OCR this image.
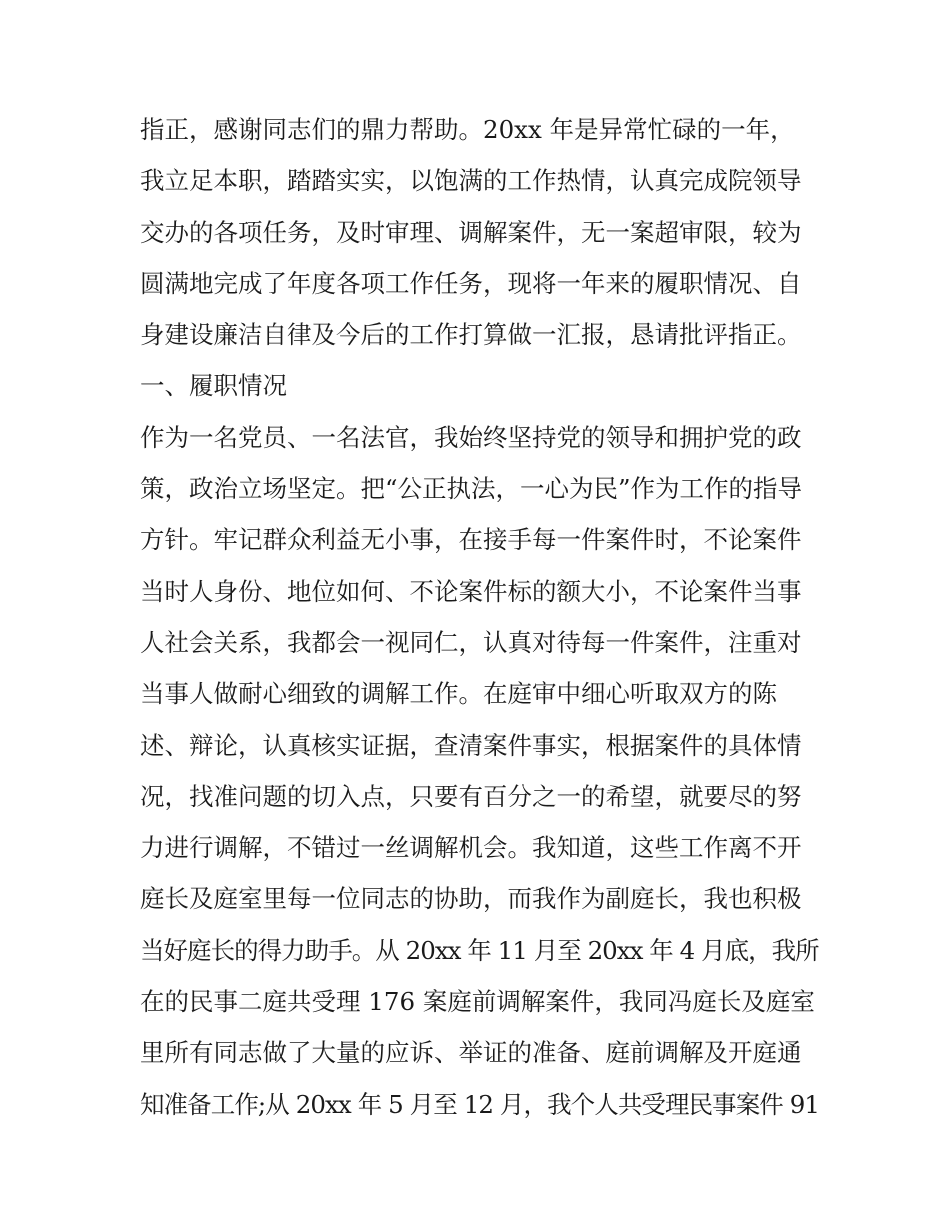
指正，感谢同志们的鼎力帮助。20xx 年是异常忙碌的一年，
我立足本职，踏踏实实，以饱满的工作热情，认真完成院领导
交办的各项任务，及时审理、调解案件，无一案超审限，较为
圆满地完成了年度各项工作任务，现将一年来的履职情况、自
身建设廉洁自律及今后的工作打算做一汇报，恳请批评指正。
一、履职情况
作为一名党员、一名法官，我始终坚持党的领导和拥护党的政
策，政治立场坚定。把“公正执法，一心为民”作为工作的指导
方针。牢记群众利益无小事，在接手每一件案件时，不论案件
当时人身份、地位如何、不论案件标的额大小，不论案件当事
人社会关系，我都会一视同仁，认真对待每一件案件，注重对
当事人做耐心细致的调解工作。在庭审中细心听取双方的陈
述、辩论，认真核实证据，查清案件事实，根据案件的具体情
况，找准问题的切入点，只要有百分之一的希望，就要尽的努
力进行调解，不错过一丝调解机会。我知道，这些工作离不开
庭长及庭室里每一位同志的协助，而我作为副庭长，我也积极
当好庭长的得力助手。从 20xx 年 11 月至 20xx 年 4 月底，我所
在的民事二庭共受理 176 案庭前调解案件，我同冯庭长及庭室
里所有同志做了大量的应诉、举证的准备、庭前调解及开庭通
知准备工作;从 20xx 年 5 月至 12 月，我个人共受理民事案件 91
